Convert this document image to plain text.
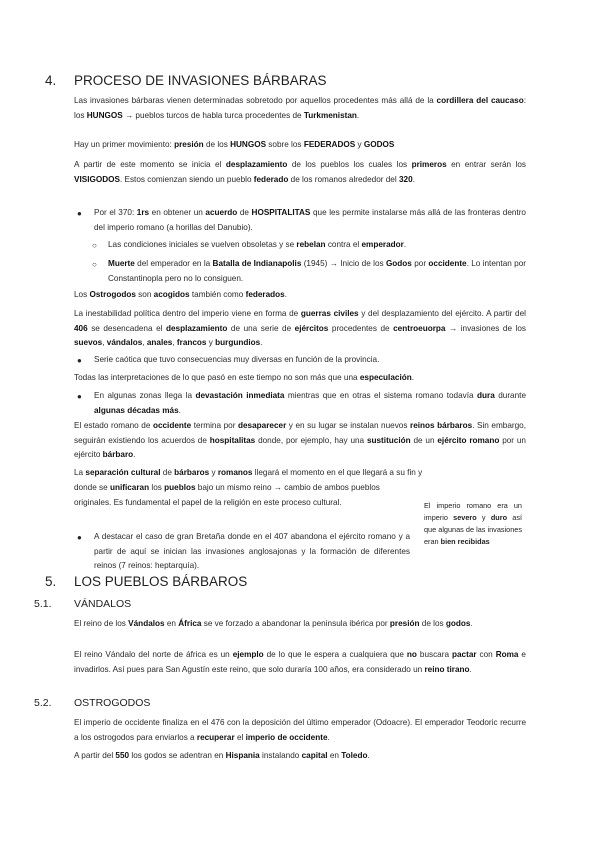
4. PROCESO DE INVASIONES BÁRBARAS
Las invasiones bárbaras vienen determinadas sobretodo por aquellos procedentes más allá de la cordillera del caucaso: los HUNGOS → pueblos turcos de habla turca procedentes de Turkmenistan.
Hay un primer movimiento: presión de los HUNGOS sobre los FEDERADOS y GODOS
A partir de este momento se inicia el desplazamiento de los pueblos los cuales los primeros en entrar serán los VISIGODOS. Estos comienzan siendo un pueblo federado de los romanos alrededor del 320.
● Por el 370: 1rs en obtener un acuerdo de HOSPITALITAS que les permite instalarse más allá de las fronteras dentro del imperio romano (a horillas del Danubio).
○ Las condiciones iniciales se vuelven obsoletas y se rebelan contra el emperador.
○ Muerte del emperador en la Batalla de Indianapolis (1945) → Inicio de los Godos por occidente. Lo intentan por Constantinopla pero no lo consiguen.
Los Ostrogodos son acogidos también como federados.
La inestabilidad política dentro del imperio viene en forma de guerras civiles y del desplazamiento del ejército. A partir del 406 se desencadena el desplazamiento de una serie de ejércitos procedentes de centroeuorpa → invasiones de los suevos, vándalos, anales, francos y burgundios.
● Serie caótica que tuvo consecuencias muy diversas en función de la provincia.
Todas las interpretaciones de lo que pasó en este tiempo no son más que una especulación.
● En algunas zonas llega la devastación inmediata mientras que en otras el sistema romano todavía dura durante algunas décadas más.
El estado romano de occidente termina por desaparecer y en su lugar se instalan nuevos reinos bárbaros. Sin embargo, seguirán existiendo los acuerdos de hospitalitas donde, por ejemplo, hay una sustitución de un ejército romano por un ejército bárbaro.
La separación cultural de bárbaros y romanos llegará el momento en el que llegará a su fin y
donde se unificaran los pueblos bajo un mismo reino → cambio de ambos pueblos originales. Es fundamental el papel de la religión en este proceso cultural.
● A destacar el caso de gran Bretaña donde en el 407 abandona el ejército romano y a partir de aquí se inician las invasiones anglosajonas y la formación de diferentes reinos (7 reinos: heptarquía).
El imperio romano era un imperio severo y duro así que algunas de las invasiones eran bien recibidas
5. LOS PUEBLOS BÁRBAROS
5.1. VÁNDALOS
El reino de los Vándalos en África se ve forzado a abandonar la peninsula ibérica por presión de los godos.
El reino Vándalo del norte de áfrica es un ejemplo de lo que le espera a cualquiera que no buscara pactar con Roma e invadirlos. Así pues para San Agustín este reino, que solo duraría 100 años, era considerado un reino tirano.
5.2. OSTROGODOS
El imperio de occidente finaliza en el 476 con la deposición del último emperador (Odoacre). El emperador Teodoric recurre a los ostrogodos para enviarlos a recuperar el imperio de occidente.
A partir del 550 los godos se adentran en Hispania instalando capital en Toledo.
